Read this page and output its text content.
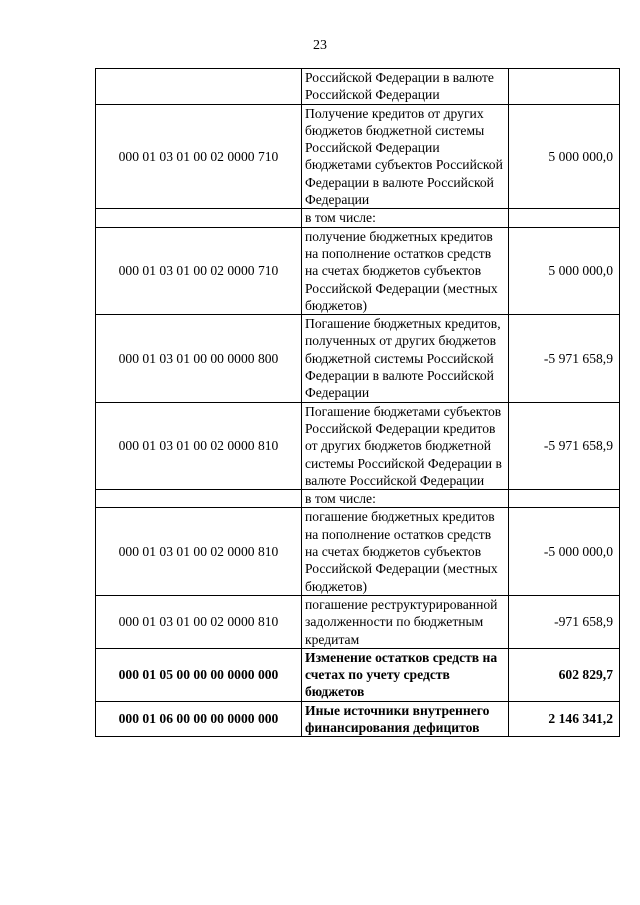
23

	Российской Федерации в валюте Российской Федерации	

000 01 03 01 00 02 0000 710	Получение кредитов от других бюджетов бюджетной системы Российской Федерации бюджетами субъектов Российской Федерации в валюте Российской Федерации	5 000 000,0

	в том числе:	

000 01 03 01 00 02 0000 710	получение бюджетных кредитов на пополнение остатков средств на счетах бюджетов субъектов Российской Федерации (местных бюджетов)	5 000 000,0
000 01 03 01 00 00 0000 800	Погашение бюджетных кредитов, полученных от других бюджетов бюджетной системы Российской Федерации в валюте Российской Федерации	-5 971 658,9
000 01 03 01 00 02 0000 810	Погашение бюджетами субъектов Российской Федерации кредитов от других бюджетов бюджетной системы Российской Федерации в валюте Российской Федерации	-5 971 658,9

	в том числе:	

000 01 03 01 00 02 0000 810	погашение бюджетных кредитов на пополнение остатков средств на счетах бюджетов субъектов Российской Федерации (местных бюджетов)	-5 000 000,0
000 01 03 01 00 02 0000 810	погашение реструктурированной задолженности по бюджетным кредитам	-971 658,9
000 01 05 00 00 00 0000 000	Изменение остатков средств на счетах по учету средств бюджетов	602 829,7
000 01 06 00 00 00 0000 000	Иные источники внутреннего финансирования дефицитов	2 146 341,2
